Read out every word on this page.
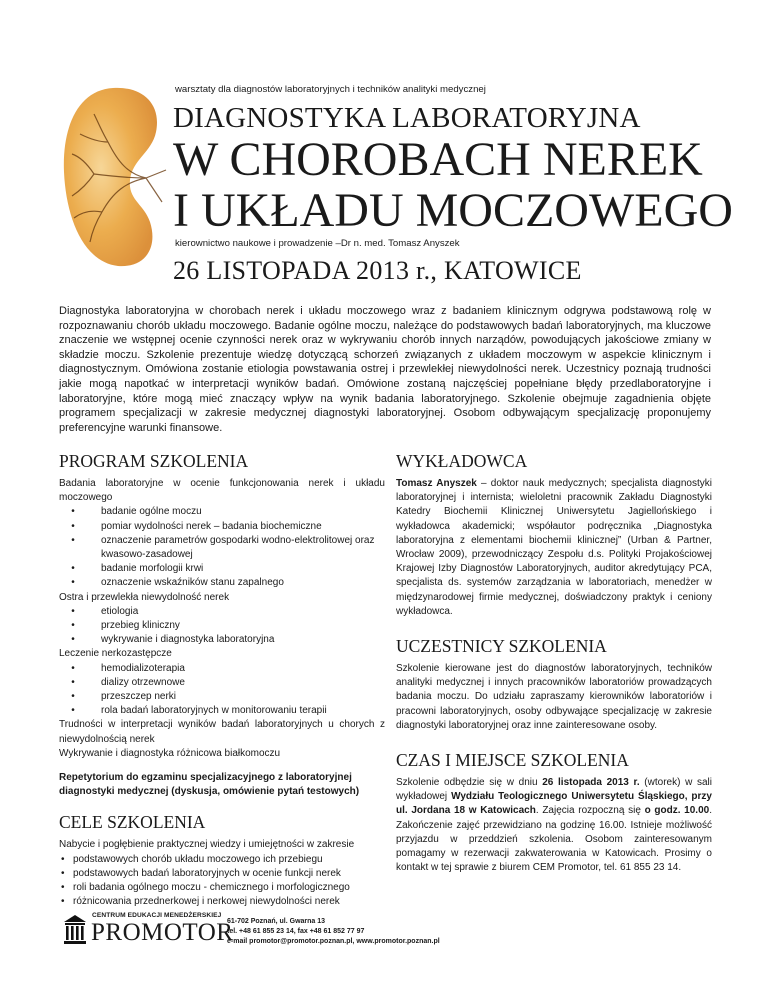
warsztaty dla diagnostów laboratoryjnych i techników analityki medycznej
DIAGNOSTYKA LABORATORYJNA
W CHOROBACH NEREK
I UKŁADU MOCZOWEGO
kierownictwo naukowe i prowadzenie –Dr n. med. Tomasz Anyszek
26 LISTOPADA 2013 r., KATOWICE

Diagnostyka laboratoryjna w chorobach nerek i układu moczowego wraz z badaniem klinicznym odgrywa podstawową rolę w rozpoznawaniu chorób układu moczowego. Badanie ogólne moczu, należące do podstawowych badań laboratoryjnych, ma kluczowe znaczenie we wstępnej ocenie czynności nerek oraz w wykrywaniu chorób innych narządów, powodujących jakościowe zmiany w składzie moczu. Szkolenie prezentuje wiedzę dotyczącą schorzeń związanych z układem moczowym w aspekcie klinicznym i diagnostycznym. Omówiona zostanie etiologia powstawania ostrej i przewlekłej niewydolności nerek. Uczestnicy poznają trudności jakie mogą napotkać w interpretacji wyników badań. Omówione zostaną najczęściej popełniane błędy przedlaboratoryjne i laboratoryjne, które mogą mieć znaczący wpływ na wynik badania laboratoryjnego. Szkolenie obejmuje zagadnienia objęte programem specjalizacji w zakresie medycznej diagnostyki laboratoryjnej. Osobom odbywającym specjalizację proponujemy preferencyjne warunki finansowe.

PROGRAM SZKOLENIA

Badania laboratoryjne w ocenie funkcjonowania nerek i układu moczowego

•	badanie ogólne moczu
•	pomiar wydolności nerek – badania biochemiczne
•	oznaczenie parametrów gospodarki wodno-elektrolitowej oraz kwasowo-zasadowej
•	badanie morfologii krwi
•	oznaczenie wskaźników stanu zapalnego

Ostra i przewlekła niewydolność nerek

•	etiologia
•	przebieg kliniczny
•	wykrywanie i diagnostyka laboratoryjna

Leczenie nerkozastępcze

•	hemodializoterapia
•	dializy otrzewnowe
•	przeszczep nerki
•	rola badań laboratoryjnych w monitorowaniu terapii

Trudności w interpretacji wyników badań laboratoryjnych u chorych z niewydolnością nerek

Wykrywanie i diagnostyka różnicowa białkomoczu

Repetytorium do egzaminu specjalizacyjnego z laboratoryjnej diagnostyki medycznej (dyskusja, omówienie pytań testowych)

CELE SZKOLENIA

Nabycie i pogłębienie praktycznej wiedzy i umiejętności w zakresie

• podstawowych chorób układu moczowego ich przebiegu
• podstawowych badań laboratoryjnych w ocenie funkcji nerek
• roli badania ogólnego moczu - chemicznego i morfologicznego
• różnicowania przednerkowej i nerkowej niewydolności nerek
WYKŁADOWCA

Tomasz Anyszek – doktor nauk medycznych; specjalista diagnostyki laboratoryjnej i internista; wieloletni pracownik Zakładu Diagnostyki Katedry Biochemii Klinicznej Uniwersytetu Jagiellońskiego i wykładowca akademicki; współautor podręcznika „Diagnostyka laboratoryjna z elementami biochemii klinicznej” (Urban & Partner, Wrocław 2009), przewodniczący Zespołu d.s. Polityki Projakościowej Krajowej Izby Diagnostów Laboratoryjnych, auditor akredytujący PCA, specjalista ds. systemów zarządzania w laboratoriach, menedżer w międzynarodowej firmie medycznej, doświadczony praktyk i ceniony wykładowca.

UCZESTNICY SZKOLENIA

Szkolenie kierowane jest do diagnostów laboratoryjnych, techników analityki medycznej i innych pracowników laboratoriów prowadzących badania moczu. Do udziału zapraszamy kierowników laboratoriów i pracowni laboratoryjnych, osoby odbywające specjalizację w zakresie diagnostyki laboratoryjnej oraz inne zainteresowane osoby.

CZAS I MIEJSCE SZKOLENIA

Szkolenie odbędzie się w dniu 26 listopada 2013 r. (wtorek) w sali wykładowej Wydziału Teologicznego Uniwersytetu Śląskiego, przy ul. Jordana 18 w Katowicach. Zajęcia rozpoczną się o godz. 10.00. Zakończenie zajęć przewidziano na godzinę 16.00. Istnieje możliwość przyjazdu w przeddzień szkolenia. Osobom zainteresowanym pomagamy w rezerwacji zakwaterowania w Katowicach. Prosimy o kontakt w tej sprawie z biurem CEM Promotor, tel. 61 855 23 14.

CENTRUM EDUKACJI MENEDŻERSKIEJ
PROMOTOR
61-702 Poznań, ul. Gwarna 13
tel. +48 61 855 23 14, fax +48 61 852 77 97
e-mail promotor@promotor.poznan.pl, www.promotor.poznan.pl
